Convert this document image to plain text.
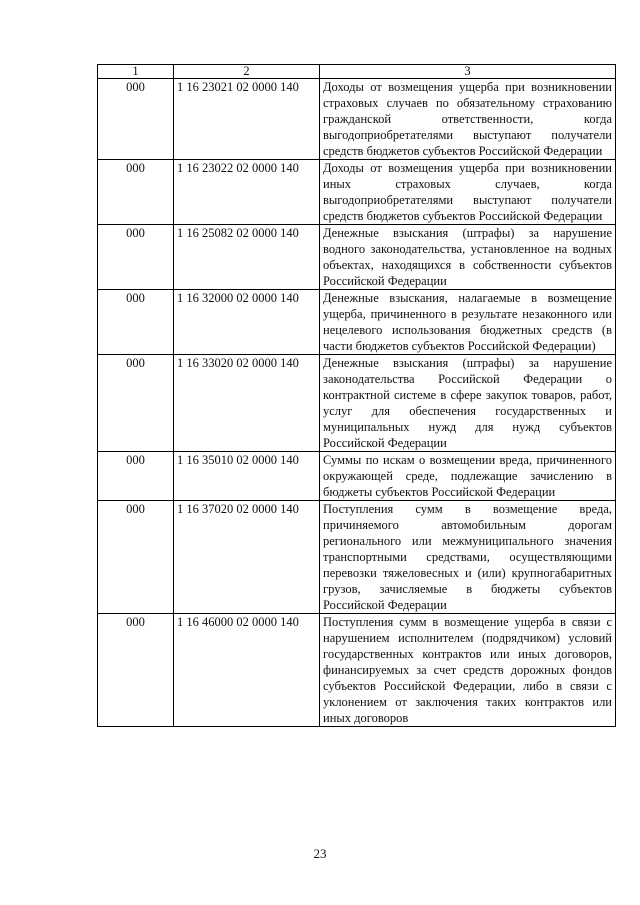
1	2	3
000	1 16 23021 02 0000 140	Доходы от возмещения ущерба при возникновении страховых случаев по обязательному страхованию гражданской ответственности, когда выгодоприобретателями выступают получатели средств бюджетов субъектов Российской Федерации
000	1 16 23022 02 0000 140	Доходы от возмещения ущерба при возникновении иных страховых случаев, когда выгодоприобретателями выступают получатели средств бюджетов субъектов Российской Федерации
000	1 16 25082 02 0000 140	Денежные взыскания (штрафы) за нарушение водного законодательства, установленное на водных объектах, находящихся в собственности субъектов Российской Федерации
000	1 16 32000 02 0000 140	Денежные взыскания, налагаемые в возмещение ущерба, причиненного в результате незаконного или нецелевого использования бюджетных средств (в части бюджетов субъектов Российской Федерации)
000	1 16 33020 02 0000 140	Денежные взыскания (штрафы) за нарушение законодательства Российской Федерации о контрактной системе в сфере закупок товаров, работ, услуг для обеспечения государственных и муниципальных нужд для нужд субъектов Российской Федерации
000	1 16 35010 02 0000 140	Суммы по искам о возмещении вреда, причиненного окружающей среде, подлежащие зачислению в бюджеты субъектов Российской Федерации
000	1 16 37020 02 0000 140	Поступления сумм в возмещение вреда, причиняемого автомобильным дорогам регионального или межмуниципального значения транспортными средствами, осуществляющими перевозки тяжеловесных и (или) крупногабаритных грузов, зачисляемые в бюджеты субъектов Российской Федерации
000	1 16 46000 02 0000 140	Поступления сумм в возмещение ущерба в связи с нарушением исполнителем (подрядчиком) условий государственных контрактов или иных договоров, финансируемых за счет средств дорожных фондов субъектов Российской Федерации, либо в связи с уклонением от заключения таких контрактов или иных договоров
23
